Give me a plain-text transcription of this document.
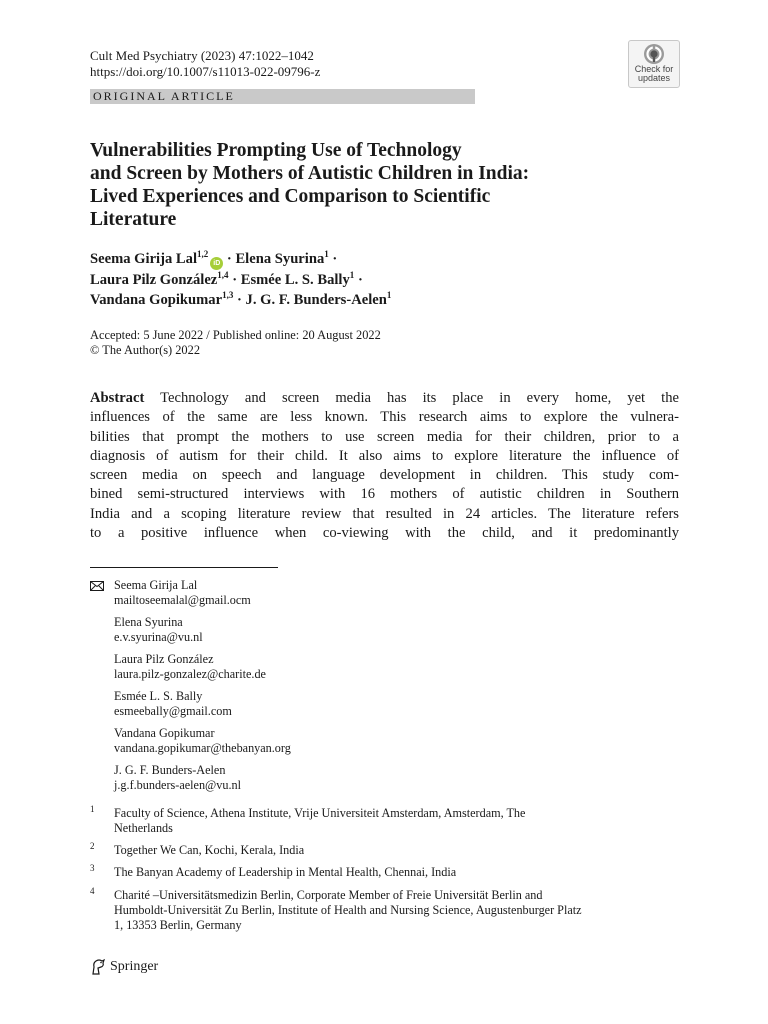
Cult Med Psychiatry (2023) 47:1022–1042
https://doi.org/10.1007/s11013-022-09796-z	Check for
updates
ORIGINAL ARTICLE
Vulnerabilities Prompting Use of Technology
and Screen by Mothers of Autistic Children in India:
Lived Experiences and Comparison to Scientific
Literature
Seema Girija Lal$^{1,2}$iD · Elena Syurina$^1$ ·
Laura Pilz González$^{1,4}$ · Esmée L. S. Bally$^1$ ·
Vandana Gopikumar$^{1,3}$ · J. G. F. Bunders-Aelen$^1$
Accepted: 5 June 2022 / Published online: 20 August 2022
© The Author(s) 2022
Abstract Technology and screen media has its place in every home, yet the
influences of the same are less known. This research aims to explore the vulnera-
bilities that prompt the mothers to use screen media for their children, prior to a
diagnosis of autism for their child. It also aims to explore literature the influence of
screen media on speech and language development in children. This study com-
bined semi-structured interviews with 16 mothers of autistic children in Southern
India and a scoping literature review that resulted in 24 articles. The literature refers
to a positive influence when co-viewing with the child, and it predominantly
Seema Girija Lal
mailtoseemalal@gmail.ocm
Elena Syurina
e.v.syurina@vu.nl
Laura Pilz González
laura.pilz-gonzalez@charite.de
Esmée L. S. Bally
esmeebally@gmail.com
Vandana Gopikumar
vandana.gopikumar@thebanyan.org
J. G. F. Bunders-Aelen
j.g.f.bunders-aelen@vu.nl
1 Faculty of Science, Athena Institute, Vrije Universiteit Amsterdam, Amsterdam, The
Netherlands
2 Together We Can, Kochi, Kerala, India
3 The Banyan Academy of Leadership in Mental Health, Chennai, India
4 Charité –Universitätsmedizin Berlin, Corporate Member of Freie Universität Berlin and
Humboldt-Universität Zu Berlin, Institute of Health and Nursing Science, Augustenburger Platz
1, 13353 Berlin, Germany
Springer
